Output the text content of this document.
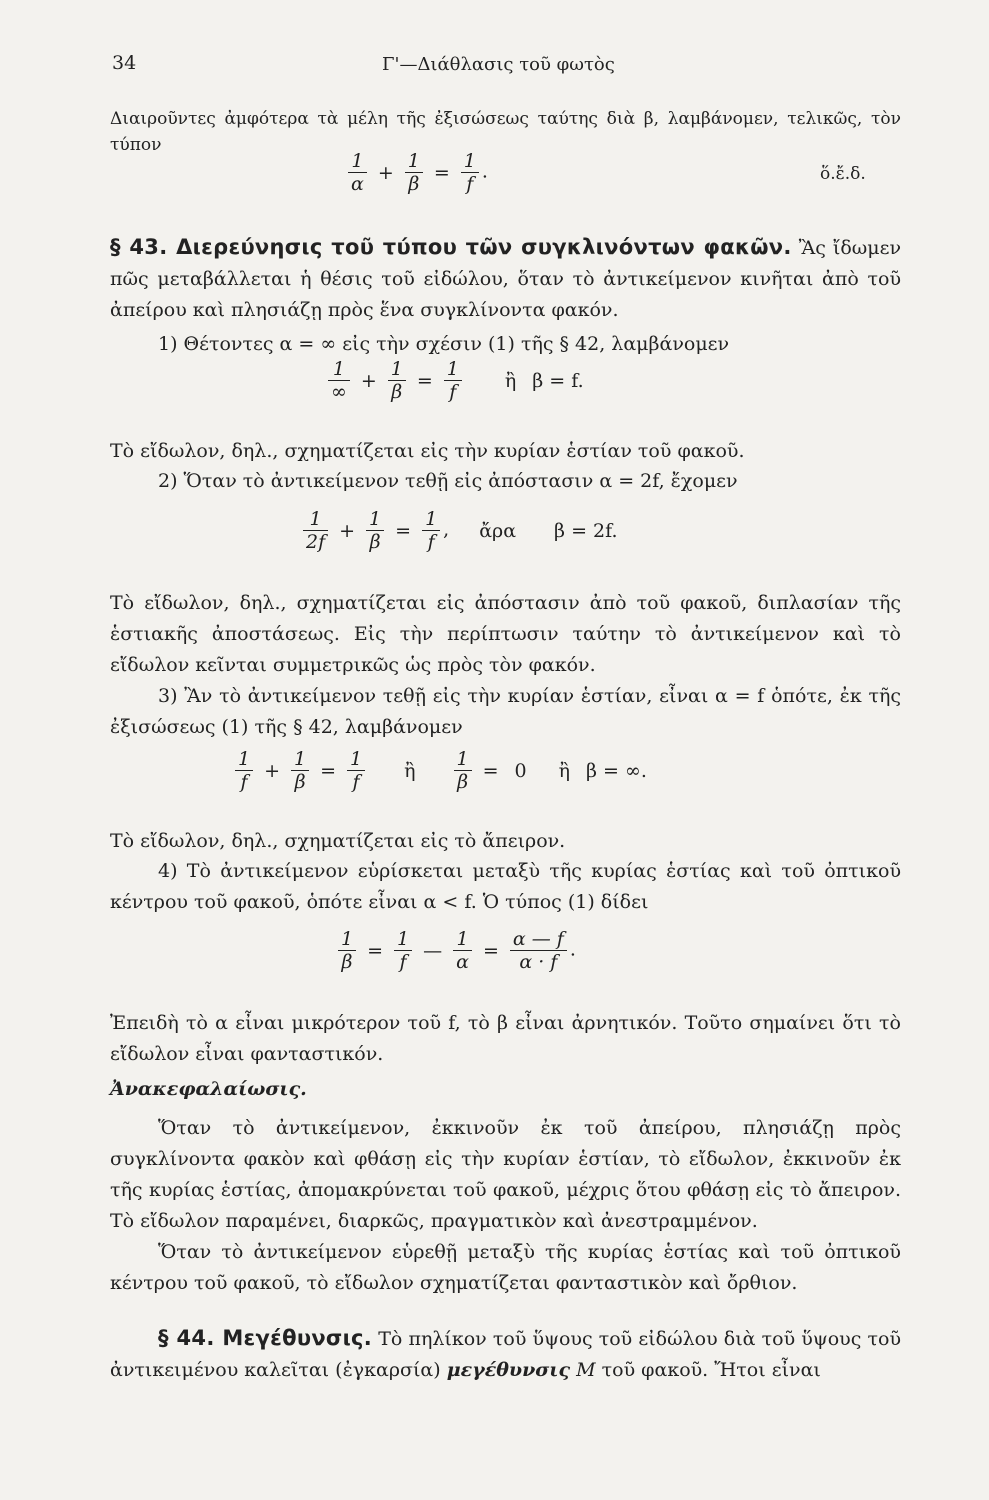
34	Γ'—Διάθλασις τοῦ φωτὸς
Διαιροῦντες ἀμφότερα τὰ μέλη τῆς ἐξισώσεως ταύτης διὰ β, λαμβάνομεν, τελικῶς, τὸν τύπον
$\frac{1}{\alpha} + \frac{1}{\beta} = \frac{1}{f}$ .	ὅ.ἔ.δ.
§ 43. Διερεύνησις τοῦ τύπου τῶν συγκλινόντων φακῶν. Ἂς ἴδωμεν πῶς μεταβάλλεται ἡ θέσις τοῦ εἰδώλου, ὅταν τὸ ἀντικείμενον κινῆται ἀπὸ τοῦ ἀπείρου καὶ πλησιάζῃ πρὸς ἕνα συγκλίνοντα φακόν.
1) Θέτοντες α = ∞ εἰς τὴν σχέσιν (1) τῆς § 42, λαμβάνομεν
$\frac{1}{\infty} + \frac{1}{\beta} = \frac{1}{f}$ ἢ β = f.
Τὸ εἴδωλον, δηλ., σχηματίζεται εἰς τὴν κυρίαν ἑστίαν τοῦ φακοῦ.
2) Ὅταν τὸ ἀντικείμενον τεθῇ εἰς ἀπόστασιν α = 2f, ἔχομεν
$\frac{1}{2f} + \frac{1}{\beta} = \frac{1}{f}$ , ἄρα β = 2f.
Τὸ εἴδωλον, δηλ., σχηματίζεται εἰς ἀπόστασιν ἀπὸ τοῦ φακοῦ, διπλασίαν τῆς ἑστιακῆς ἀποστάσεως. Εἰς τὴν περίπτωσιν ταύτην τὸ ἀντικείμενον καὶ τὸ εἴδωλον κεῖνται συμμετρικῶς ὡς πρὸς τὸν φακόν.
3) Ἂν τὸ ἀντικείμενον τεθῇ εἰς τὴν κυρίαν ἑστίαν, εἶναι α = f ὁπότε, ἐκ τῆς ἐξισώσεως (1) τῆς § 42, λαμβάνομεν
$\frac{1}{f} + \frac{1}{\beta} = \frac{1}{f}$ ἢ $\frac{1}{\beta} = 0$ ἢ β = ∞.
Τὸ εἴδωλον, δηλ., σχηματίζεται εἰς τὸ ἄπειρον.
4) Τὸ ἀντικείμενον εὑρίσκεται μεταξὺ τῆς κυρίας ἑστίας καὶ τοῦ ὀπτικοῦ κέντρου τοῦ φακοῦ, ὁπότε εἶναι α < f. Ὁ τύπος (1) δίδει
$\frac{1}{\beta} = \frac{1}{f}$ — $\frac{1}{\alpha} = \frac{\alpha — f}{\alpha \cdot f}$ .
Ἐπειδὴ τὸ α εἶναι μικρότερον τοῦ f, τὸ β εἶναι ἀρνητικόν. Τοῦτο σημαίνει ὅτι τὸ εἴδωλον εἶναι φανταστικόν.
Ἀνακεφαλαίωσις.
Ὅταν τὸ ἀντικείμενον, ἐκκινοῦν ἐκ τοῦ ἀπείρου, πλησιάζῃ πρὸς συγκλίνοντα φακὸν καὶ φθάσῃ εἰς τὴν κυρίαν ἑστίαν, τὸ εἴδωλον, ἐκκινοῦν ἐκ τῆς κυρίας ἑστίας, ἀπομακρύνεται τοῦ φακοῦ, μέχρις ὅτου φθάσῃ εἰς τὸ ἄπειρον. Τὸ εἴδωλον παραμένει, διαρκῶς, πραγματικὸν καὶ ἀνεστραμμένον.
Ὅταν τὸ ἀντικείμενον εὑρεθῇ μεταξὺ τῆς κυρίας ἑστίας καὶ τοῦ ὀπτικοῦ κέντρου τοῦ φακοῦ, τὸ εἴδωλον σχηματίζεται φανταστικὸν καὶ ὄρθιον.
§ 44. Μεγέθυνσις. Τὸ πηλίκον τοῦ ὕψους τοῦ εἰδώλου διὰ τοῦ ὕψους τοῦ ἀντικειμένου καλεῖται (ἐγκαρσία) μεγέθυνσις M τοῦ φακοῦ. Ἤτοι εἶναι
